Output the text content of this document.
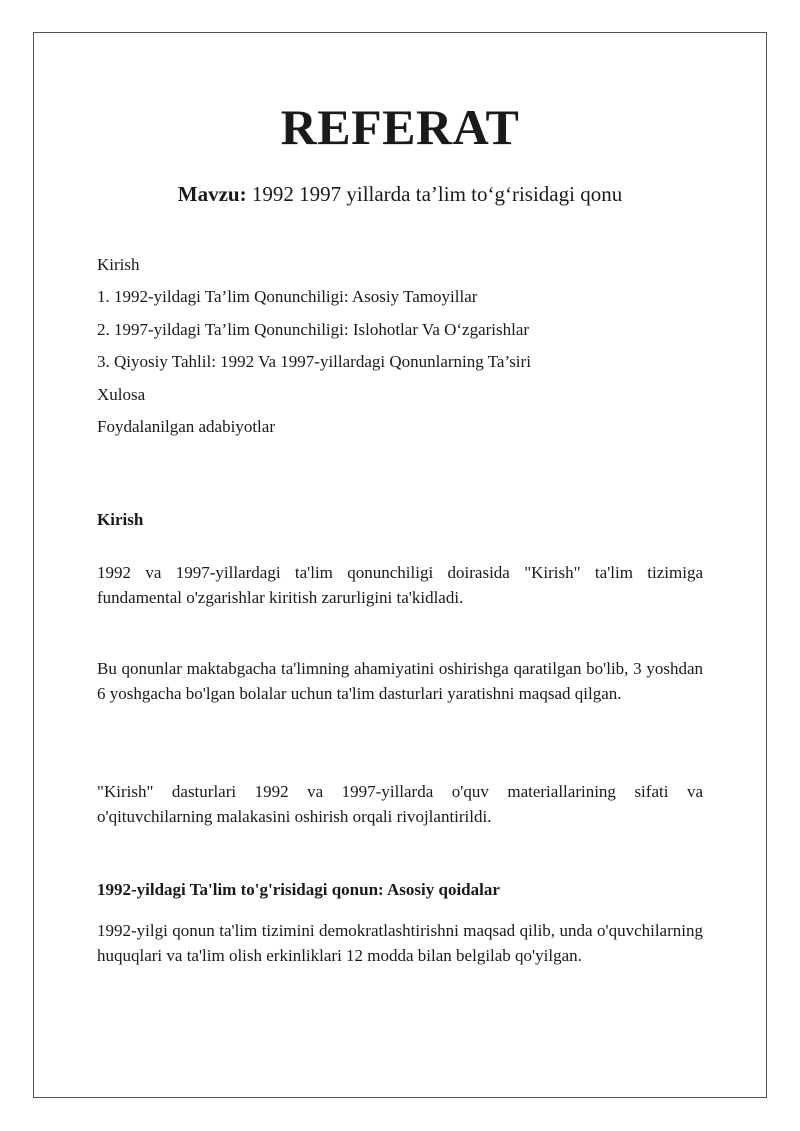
REFERAT

Mavzu: 1992 1997 yillarda ta’lim to‘g‘risidagi qonu

Kirish
1. 1992-yildagi Ta’lim Qonunchiligi: Asosiy Tamoyillar
2. 1997-yildagi Ta’lim Qonunchiligi: Islohotlar Va O‘zgarishlar
3. Qiyosiy Tahlil: 1992 Va 1997-yillardagi Qonunlarning Ta’siri
Xulosa
Foydalanilgan adabiyotlar
Kirish

1992 va 1997-yillardagi ta'lim qonunchiligi doirasida "Kirish" ta'lim tizimiga fundamental o'zgarishlar kiritish zarurligini ta'kidladi.

Bu qonunlar maktabgacha ta'limning ahamiyatini oshirishga qaratilgan bo'lib, 3 yoshdan 6 yoshgacha bo'lgan bolalar uchun ta'lim dasturlari yaratishni maqsad qilgan.

"Kirish" dasturlari 1992 va 1997-yillarda o'quv materiallarining sifati va o'qituvchilarning malakasini oshirish orqali rivojlantirildi.

1992-yildagi Ta'lim to'g'risidagi qonun: Asosiy qoidalar

1992-yilgi qonun ta'lim tizimini demokratlashtirishni maqsad qilib, unda o'quvchilarning huquqlari va ta'lim olish erkinliklari 12 modda bilan belgilab qo'yilgan.
